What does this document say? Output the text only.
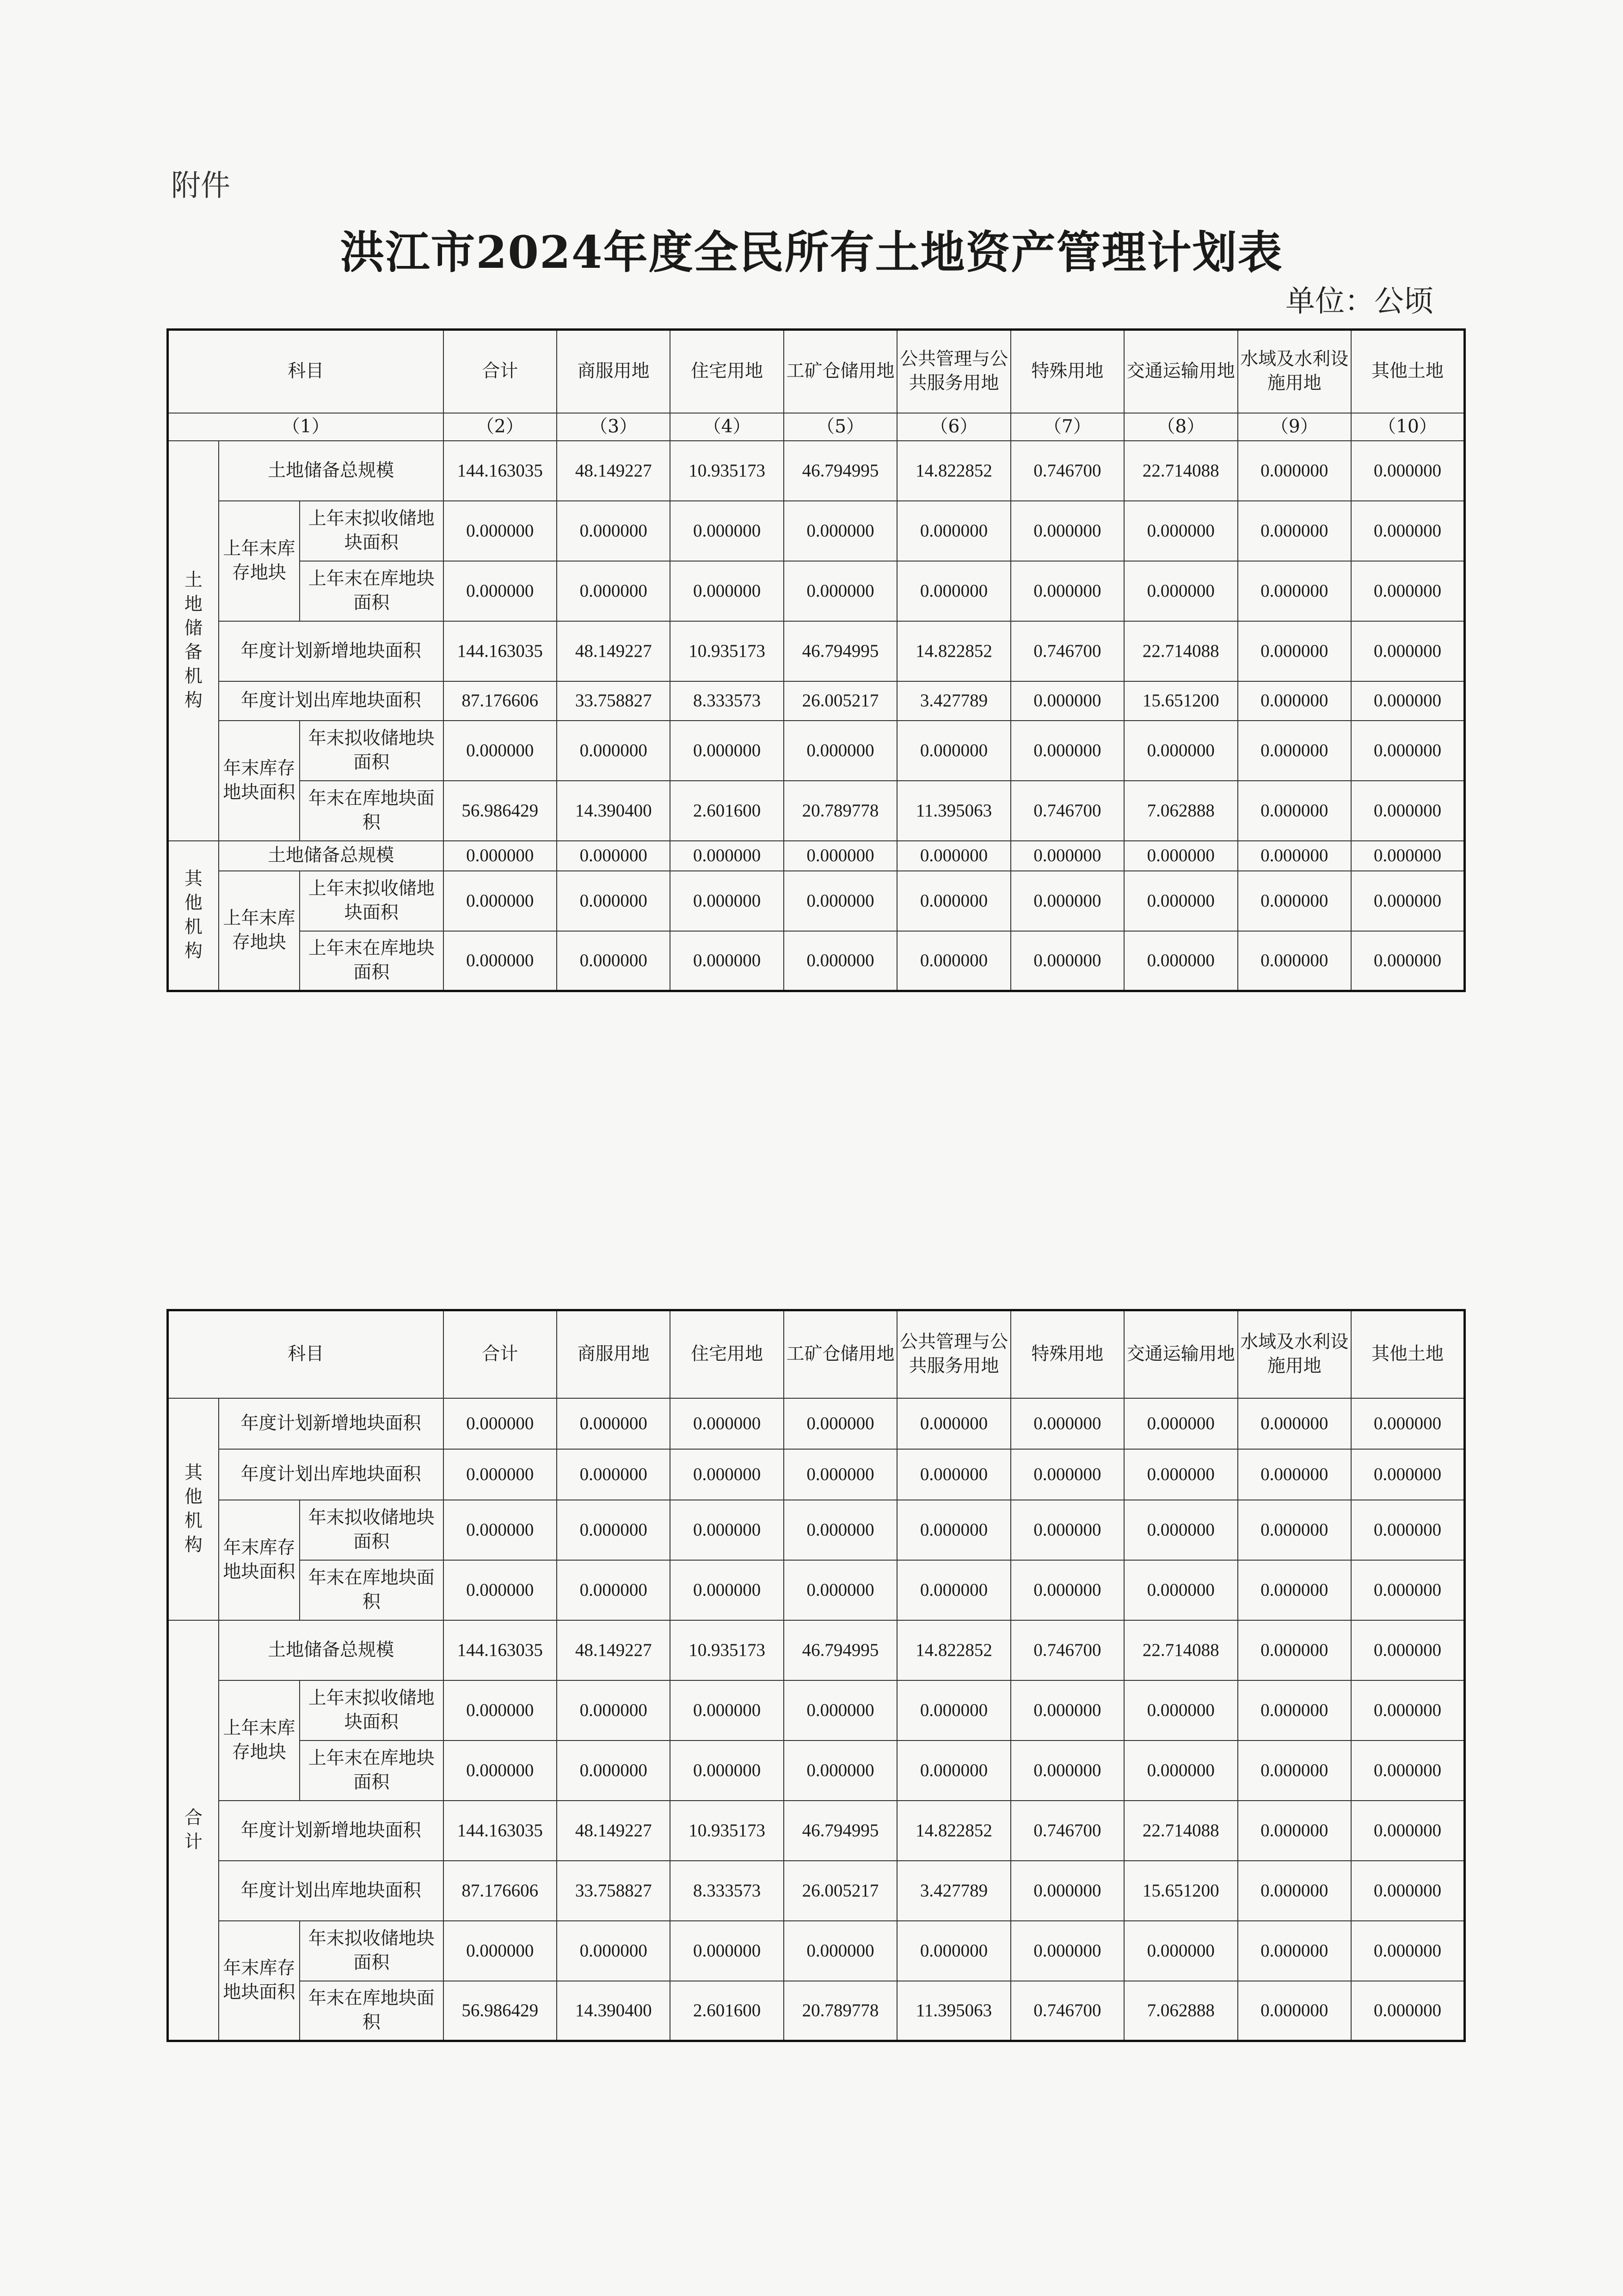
附件
洪江市2024年度全民所有土地资产管理计划表
单位：公顷
科目			合计	商服用地	住宅用地	工矿仓储用地	公共管理与公共服务用地	特殊用地	交通运输用地	水域及水利设施用地	其他土地
（1）			（2）	（3）	（4）	（5）	（6）	（7）	（8）	（9）	（10）

土地储备机构	土地储备总规模		144.163035	48.149227	10.935173	46.794995	14.822852	0.746700	22.714088	0.000000	0.000000
	上年末库存地块	上年末拟收储地块面积	0.000000	0.000000	0.000000	0.000000	0.000000	0.000000	0.000000	0.000000	0.000000
		上年末在库地块面积	0.000000	0.000000	0.000000	0.000000	0.000000	0.000000	0.000000	0.000000	0.000000
	年度计划新增地块面积		144.163035	48.149227	10.935173	46.794995	14.822852	0.746700	22.714088	0.000000	0.000000
	年度计划出库地块面积		87.176606	33.758827	8.333573	26.005217	3.427789	0.000000	15.651200	0.000000	0.000000
	年末库存地块面积	年末拟收储地块面积	0.000000	0.000000	0.000000	0.000000	0.000000	0.000000	0.000000	0.000000	0.000000
		年末在库地块面积	56.986429	14.390400	2.601600	20.789778	11.395063	0.746700	7.062888	0.000000	0.000000

其他机构	土地储备总规模		0.000000	0.000000	0.000000	0.000000	0.000000	0.000000	0.000000	0.000000	0.000000
	上年末库存地块	上年末拟收储地块面积	0.000000	0.000000	0.000000	0.000000	0.000000	0.000000	0.000000	0.000000	0.000000
		上年末在库地块面积	0.000000	0.000000	0.000000	0.000000	0.000000	0.000000	0.000000	0.000000	0.000000
科目			合计	商服用地	住宅用地	工矿仓储用地	公共管理与公共服务用地	特殊用地	交通运输用地	水域及水利设施用地	其他土地

其他机构	年度计划新增地块面积		0.000000	0.000000	0.000000	0.000000	0.000000	0.000000	0.000000	0.000000	0.000000
	年度计划出库地块面积		0.000000	0.000000	0.000000	0.000000	0.000000	0.000000	0.000000	0.000000	0.000000
	年末库存地块面积	年末拟收储地块面积	0.000000	0.000000	0.000000	0.000000	0.000000	0.000000	0.000000	0.000000	0.000000
		年末在库地块面积	0.000000	0.000000	0.000000	0.000000	0.000000	0.000000	0.000000	0.000000	0.000000

合计	土地储备总规模		144.163035	48.149227	10.935173	46.794995	14.822852	0.746700	22.714088	0.000000	0.000000
	上年末库存地块	上年末拟收储地块面积	0.000000	0.000000	0.000000	0.000000	0.000000	0.000000	0.000000	0.000000	0.000000
		上年末在库地块面积	0.000000	0.000000	0.000000	0.000000	0.000000	0.000000	0.000000	0.000000	0.000000
	年度计划新增地块面积		144.163035	48.149227	10.935173	46.794995	14.822852	0.746700	22.714088	0.000000	0.000000
	年度计划出库地块面积		87.176606	33.758827	8.333573	26.005217	3.427789	0.000000	15.651200	0.000000	0.000000
	年末库存地块面积	年末拟收储地块面积	0.000000	0.000000	0.000000	0.000000	0.000000	0.000000	0.000000	0.000000	0.000000
		年末在库地块面积	56.986429	14.390400	2.601600	20.789778	11.395063	0.746700	7.062888	0.000000	0.000000
